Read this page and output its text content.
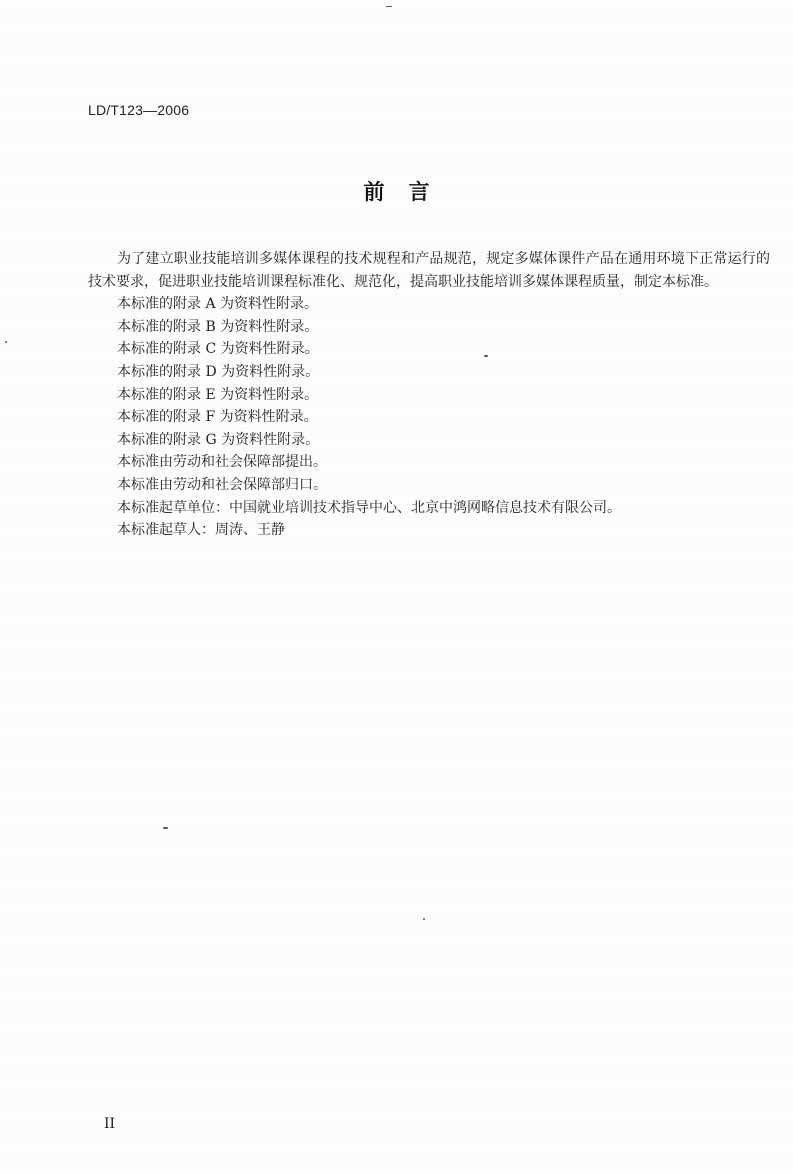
LD/T123—2006
前言

为了建立职业技能培训多媒体课程的技术规程和产品规范，规定多媒体课件产品在通用环境下正常运行的技术要求，促进职业技能培训课程标准化、规范化，提高职业技能培训多媒体课程质量，制定本标准。

本标准的附录 A 为资料性附录。

本标准的附录 B 为资料性附录。

本标准的附录 C 为资料性附录。

本标准的附录 D 为资料性附录。

本标准的附录 E 为资料性附录。

本标准的附录 F 为资料性附录。

本标准的附录 G 为资料性附录。

本标准由劳动和社会保障部提出。

本标准由劳动和社会保障部归口。

本标准起草单位：中国就业培训技术指导中心、北京中鸿网略信息技术有限公司。

本标准起草人：周涛、王静

II
